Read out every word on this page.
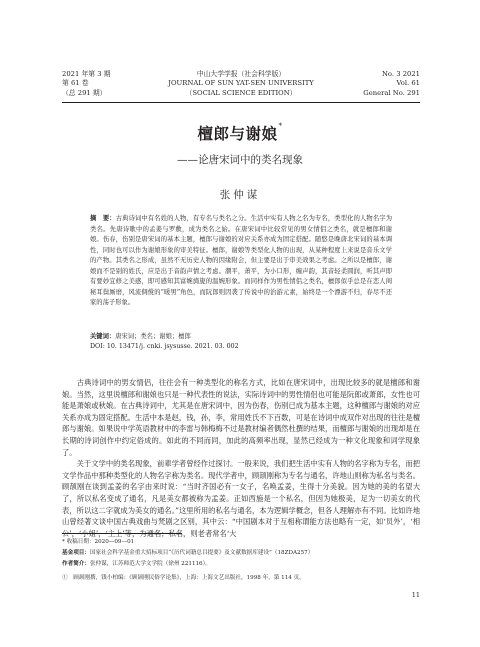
2021 年第 3 期
第 61 卷
（总 291 期）
中山大学学报（社会科学版）
JOURNAL OF SUN YAT-SEN UNIVERSITY
（SOCIAL SCIENCE EDITION）
No. 3 2021
Vol. 61
General No. 291
檀郎与谢娘*
——论唐宋词中的类名现象
张仲谋
摘　要：古典诗词中有名姓的人物，有专名与类名之分。生活中实有人物之名为专名，类型化的人物名字为类名。先唐诗歌中的孟姜与罗敷，成为类名之始。在唐宋词中比较常见的男女情侣之类名，就是檀郎和谢娘。伤春，伤别是唐宋词的基本主题，檀郎与谢娘的对应关系亦成为固定搭配。随悠是晚唐北宋词的基本调性，同时也可以作为谢娘形象的审美特征。檀郎，谢娘等类型化人物的出现，从某种程度上来说是音乐文学的产物。其类名之形成，虽然不无历史人物的因缘附会，但主要是出于审美效果之考虑。之所以是檀郎，谢娘而不是别的姓氏，应是出于音韵声情之考虑。潮平，萧平，为小口形，缠声韵，其音轻柔圆润，听其声即有要妙宜修之美感，即可感知其富婉旖旎的温婉形象。而同样作为男性情侣之类名，檀郎似乎总是在恋人闺秘耳鬓厮磨，风流倜傥的“暖男”角色，而阮郎则因袭了传说中的治游元素，始终是一个漂游不归，春尽不还家的荡子形象。
关键词：唐宋词；类名；谢娘；檀郎
DOI: 10. 13471/j. cnki. jsysusse. 2021. 03. 002

古典诗词中的男女情侣，往往会有一种类型化的称名方式，比如在唐宋词中，出现比较多的就是檀郎和谢娘。当然，这里说檀郎和谢娘也只是一种代表性的说法，实际诗词中的男性情侣也可能是阮郎或萧郎，女性也可能是萧娘或秋娘。在古典诗词中，尤其是在唐宋词中，因为伤春，伤别已成为基本主题，这种檀郎与谢娘的对应关系亦成为固定搭配。生活中本是赵，钱，孙，李，常用姓氏不下百数，可是在诗词中成双作对出现的往往是檀郎与谢娘。如果说中学英语教材中的李雷与韩梅梅不过是教材编者偶然杜撰的结果，而檀郎与谢娘的出现却是在长期的诗词创作中约定俗成的。如此的不同而同，加此的高频率出现，显然已经成为一种文化现象和词学现象了。

关于文学中的类名现象，前辈学者曾经作过探讨。一般来说，我们把生活中实有人物的名字称为专名，而把文学作品中那种类型化的人物名字称为类名。现代学者中，顾颉刚称为专名与通名，许地山则称为私名与类名。顾颉刚在谈到孟姜的名字由来时说：“当时齐国必有一女子，名唤孟姜，生得十分美貌。因为她的美的名望大了，所以私名变成了通名，凡是美女都被称为孟姜。正如西施是一个私名，但因为她极美，足为一切美女的代表，所以这二字就成为美女的通名。”这里所用的私名与通名，本为逻辑学概念，但各人理解亦有不同。比如许地山曾经著文谈中国古典戏曲与梵剧之区别，其中云：“中国剧本对于互相称谓能方法也略有一定，如‘员外’，‘相公’，‘小姐’，‘主上’等，为通名；私名，则老者常名‘大

* 收稿日期：2020—09—01
基金项目：国家社会科学基金重大招标项目“《历代词籍总目提要》及文献数据库建设”（18ZDA257）
作者简介：张仲谋，江苏师范大学文学院（徐州 221116）。
①　顾颉刚撰，钱小柏编：《顾颉刚民俗学论集》，上海：上海文艺出版社，1998 年，第 114 页。
11
